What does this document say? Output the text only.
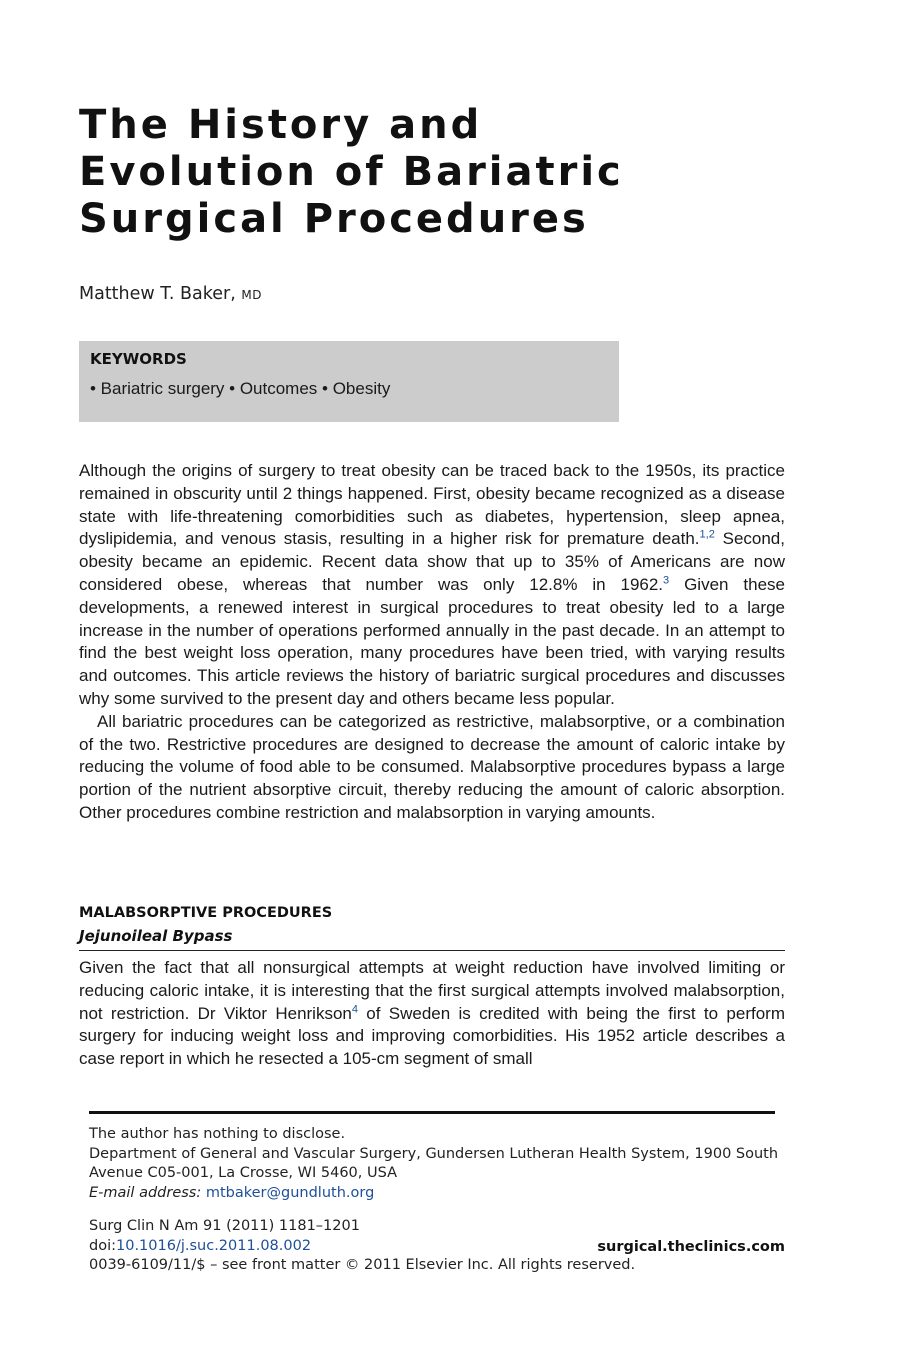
The History and
Evolution of Bariatric
Surgical Procedures
Matthew T. Baker, MD
KEYWORDS
• Bariatric surgery • Outcomes • Obesity

Although the origins of surgery to treat obesity can be traced back to the 1950s, its practice remained in obscurity until 2 things happened. First, obesity became recognized as a disease state with life-threatening comorbidities such as diabetes, hypertension, sleep apnea, dyslipidemia, and venous stasis, resulting in a higher risk for premature death.$^{1,2}$ Second, obesity became an epidemic. Recent data show that up to 35% of Americans are now considered obese, whereas that number was only 12.8% in 1962.$^3$ Given these developments, a renewed interest in surgical procedures to treat obesity led to a large increase in the number of operations performed annually in the past decade. In an attempt to find the best weight loss operation, many procedures have been tried, with varying results and outcomes. This article reviews the history of bariatric surgical procedures and discusses why some survived to the present day and others became less popular.

All bariatric procedures can be categorized as restrictive, malabsorptive, or a combination of the two. Restrictive procedures are designed to decrease the amount of caloric intake by reducing the volume of food able to be consumed. Malabsorptive procedures bypass a large portion of the nutrient absorptive circuit, thereby reducing the amount of caloric absorption. Other procedures combine restriction and malabsorption in varying amounts.

MALABSORPTIVE PROCEDURES
Jejunoileal Bypass

Given the fact that all nonsurgical attempts at weight reduction have involved limiting or reducing caloric intake, it is interesting that the first surgical attempts involved malabsorption, not restriction. Dr Viktor Henrikson$^4$ of Sweden is credited with being the first to perform surgery for inducing weight loss and improving comorbidities. His 1952 article describes a case report in which he resected a 105-cm segment of small

The author has nothing to disclose.

Department of General and Vascular Surgery, Gundersen Lutheran Health System, 1900 South Avenue C05-001, La Crosse, WI 5460, USA

E-mail address: mtbaker@gundluth.org

Surg Clin N Am 91 (2011) 1181–1201

doi:10.1016/j.suc.2011.08.002

0039-6109/11/$ – see front matter © 2011 Elsevier Inc. All rights reserved.

surgical.theclinics.com
